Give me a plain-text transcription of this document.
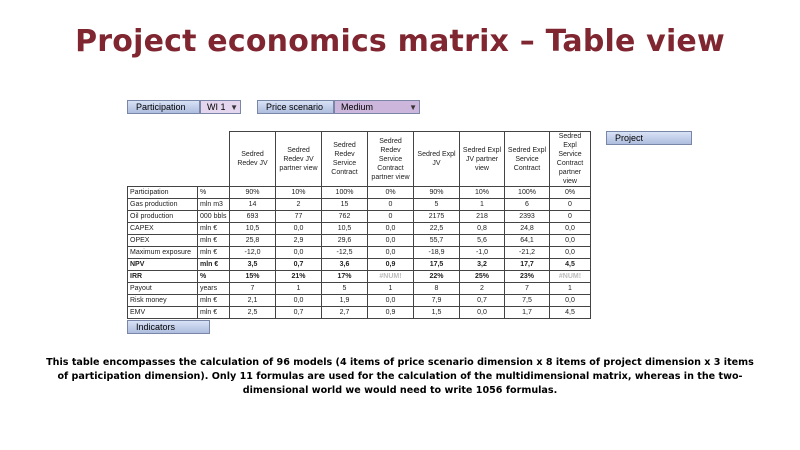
Project economics matrix – Table view
Participation	WI 1 ▼	Price scenario	Medium	▼
Project
Indicators
		Sedred Redev JV	Sedred Redev JV partner view	Sedred Redev Service Contract	Sedred Redev Service Contract partner view	Sedred Expl JV	Sedred Expl JV partner view	Sedred Expl Service Contract	Sedred Expl Service Contract partner view
Participation	%	90%	10%	100%	0%	90%	10%	100%	0%
Gas production	mln m3	14	2	15	0	5	1	6	0
Oil production	000 bbls	693	77	762	0	2175	218	2393	0
CAPEX	mln €	10,5	0,0	10,5	0,0	22,5	0,8	24,8	0,0
OPEX	mln €	25,8	2,9	29,6	0,0	55,7	5,6	64,1	0,0
Maximum exposure	mln €	-12,0	0,0	-12,5	0,0	-18,9	-1,0	-21,2	0,0
NPV	mln €	3,5	0,7	3,6	0,9	17,5	3,2	17,7	4,5
IRR	%	15%	21%	17%	#NUM!	22%	25%	23%	#NUM!
Payout	years	7	1	5	1	8	2	7	1
Risk money	mln €	2,1	0,0	1,9	0,0	7,9	0,7	7,5	0,0
EMV	mln €	2,5	0,7	2,7	0,9	1,5	0,0	1,7	4,5
This table encompasses the calculation of 96 models (4 items of price scenario dimension x 8 items of project dimension x 3 items of participation dimension). Only 11 formulas are used for the calculation of the multidimensional matrix, whereas in the two-dimensional world we would need to write 1056 formulas.
